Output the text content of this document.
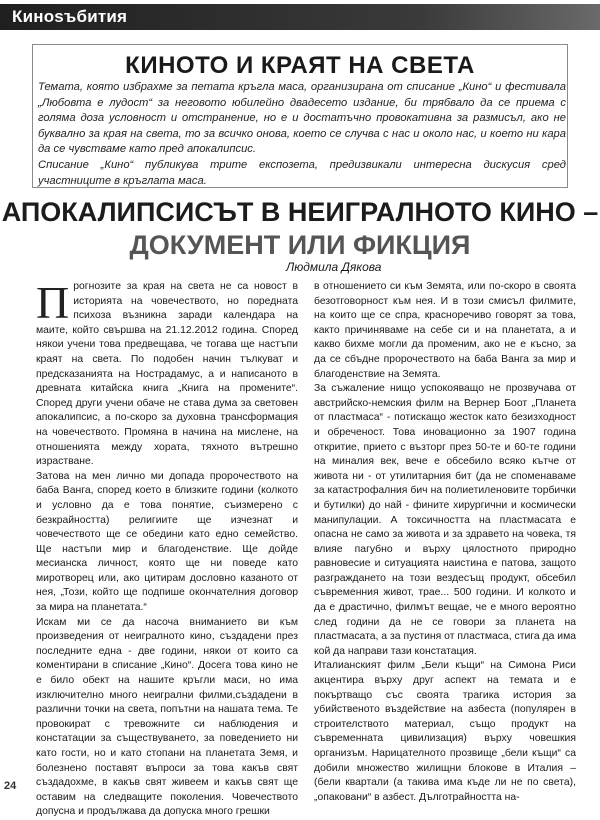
Кинosъбития
КИНОТО И КРАЯТ НА СВЕТА

Темата, която избрахме за петата кръгла маса, организирана от списание „Кино“ и фестивала „Любовта е лудост“ за неговото юбилейно двадесето издание, би трябвало да се приема с голяма доза условност и отстранение, но е и достатъчно провокативна за размисъл, ако не буквално за края на света, то за всичко онова, което се случва с нас и около нас, и което ни кара да се чувстваме като пред апокалипсис.

Списание „Кино“ публикува трите експозета, предизвикали интересна дискусия сред участниците в кръглата маса.

АПОКАЛИПСИСЪТ В НЕИГРАЛНОТО КИНО –
ДОКУМЕНТ ИЛИ ФИКЦИЯ
Людмила Дякова

Прогнозите за края на света не са новост в историята на човечеството, но поредната психоза възникна заради календара на маите, който свършва на 21.12.2012 година. Според някои учени това предвещава, че тогава ще настъпи краят на света. По подобен начин тълкуват и предсказанията на Нострадамус, а и написаното в древната китайска книга „Книга на промените“. Според други учени обаче не става дума за световен апокалипсис, а по-скоро за духовна трансформация на човечеството. Промяна в начина на мислене, на отношенията между хората, тяхното вътрешно израстване.

Затова на мен лично ми допада пророчеството на баба Ванга, според което в близките години (колкото и условно да е това понятие, съизмерено с безкрайността) религиите ще изчезнат и човечеството ще се обедини като едно семейство. Ще настъпи мир и благоденствие. Ще дойде месианска личност, която ще ни поведе като миротворец или, ако цитирам дословно казаното от нея, „Този, който ще подпише окончателния договор за мира на планетата.“

Искам ми се да насоча вниманието ви към произведения от неигралното кино, създадени през последните една - две години, някои от които са коментирани в списание „Кино“. Досега това кино не е било обект на нашите кръгли маси, но има изключително много неигрални филми,създадени в различни точки на света, попътни на нашата тема. Те провокират с тревожните си наблюдения и констатации за съществуването, за поведението ни като гости, но и като стопани на планетата Земя, и болезнено поставят въпроси за това какъв свят създадохме, в какъв свят живеем и какъв свят ще оставим на следващите поколения. Човечеството допусна и продължава да допуска много грешки

в отношението си към Земята, или по-скоро в своята безотговорност към нея. И в този смисъл филмите, на които ще се спра, красноречиво говорят за това, както причиняваме на себе си и на планетата, а и какво бихме могли да променим, ако не е късно, за да се сбъдне пророчеството на баба Ванга за мир и благоденствие на Земята.

За съжаление нищо успокояващо не прозвучава от австрийско-немския филм на Вернер Боот „Планета от пластмаса“ - потискащо жесток като безизходност и обреченост. Това иновационно за 1907 година откритие, прието с възторг през 50-те и 60-те години на миналия век, вече е обсебило всяко кътче от живота ни - от утилитарния бит (да не споменаваме за катастрофалния бич на полиетиленовите торбички и бутилки) до най - фините хирургични и космически манипулации. А токсичността на пластмасата е опасна не само за живота и за здравето на човека, тя влияе пагубно и върху цялостното природно равновесие и ситуацията наистина е патова, защото разграждането на този вездесъщ продукт, обсебил съвременния живот, трае... 500 години. И колкото и да е драстично, филмът вещае, че е много вероятно след години да не се говори за планета на пластмасата, а за пустиня от пластмаса, стига да има кой да направи тази констатация.

Италианският филм „Бели къщи“ на Симона Риси акцентира върху друг аспект на темата и е покъртващо със своята трагика история за убийственото въздействие на азбеста (популярен в строителството материал, също продукт на съвременната цивилизация) върху човешкия организъм. Нарицателното прозвище „бели къщи“ са добили множество жилищни блокове в Италия – (бели квартали (а такива има къде ли не по света), „опаковани“ в азбест. Дълготрайността на-

24
